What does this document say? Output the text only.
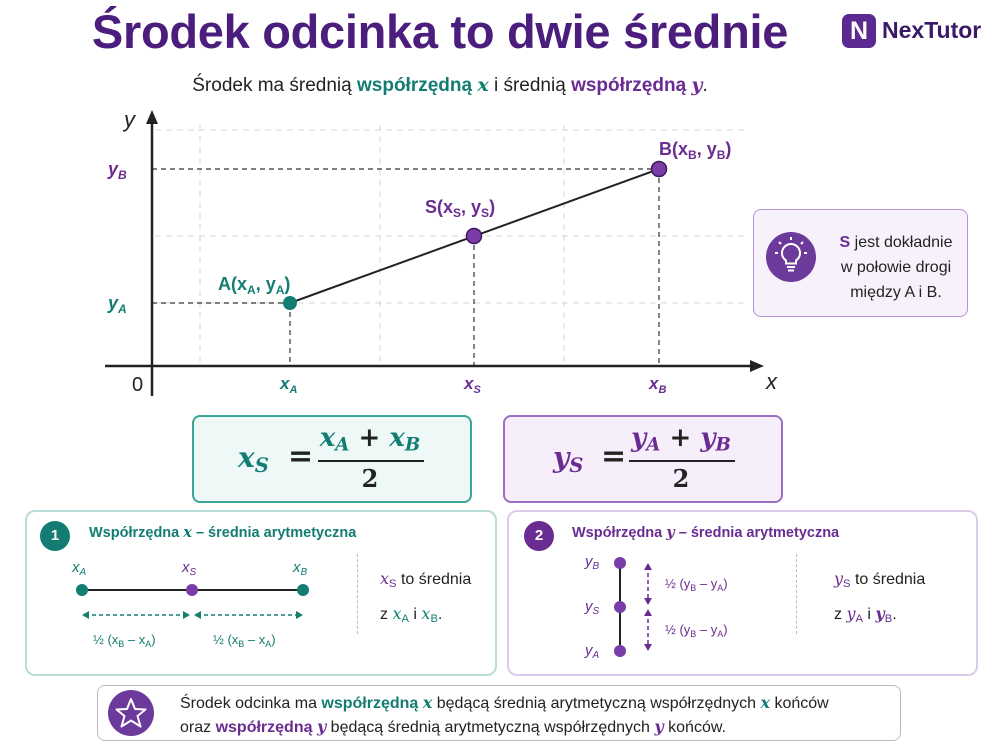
Środek odcinka to dwie średnie	N NexTutor
Środek ma średnią współrzędną x i średnią współrzędną y.
y
x
0
$y_B$
$y_A$
$x_A$	$x_S$	$x_B$
$A(x_A$, $y_A$)
$S(x_S$, $y_S$)
$B(x_B$, $y_B$)
S jest dokładnie
w połowie drogi
między A i B.
$x_S$ =
$x_A + x_B$
2
$y_S$ =
$y_A + y_B$
2
1	Współrzędna x – średnia arytmetyczna
$x_A$	$x_S$	$x_B$
½ $(x_B - x_A)$	½ $(x_B - x_A)$
$x_S$ to średnia
z $x_A$ i $x_B$.
2	Współrzędna y – średnia arytmetyczna
$y_B$
$y_S$
$y_A$
½ $(y_B - y_A)$
½ $(y_B - y_A)$
$y_S$ to średnia
z $y_A$ i $y_B$.
Środek odcinka ma współrzędną x będącą średnią arytmetyczną współrzędnych x końców
oraz współrzędną y będącą średnią arytmetyczną współrzędnych y końców.
